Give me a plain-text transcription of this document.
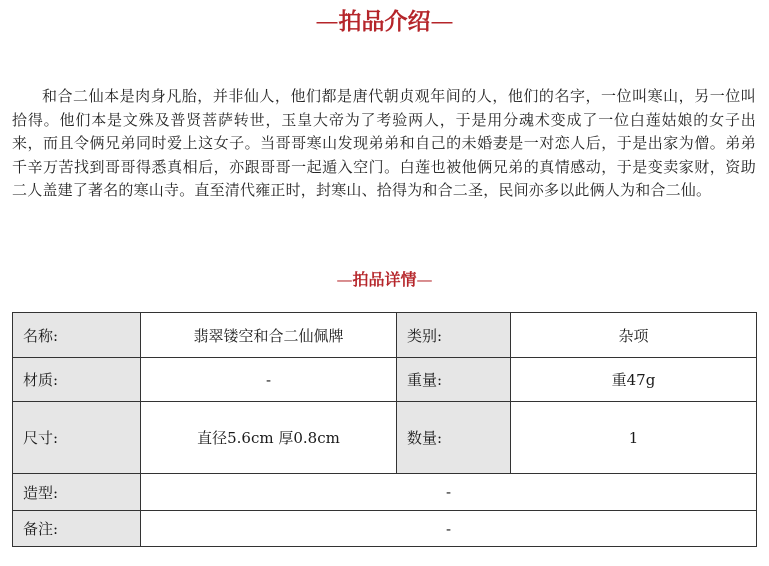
—拍品介绍—

和合二仙本是肉身凡胎，并非仙人，他们都是唐代朝贞观年间的人，他们的名字，一位叫寒山，另一位叫拾得。他们本是文殊及普贤菩萨转世，玉皇大帝为了考验两人，于是用分魂术变成了一位白莲姑娘的女子出来，而且令俩兄弟同时爱上这女子。当哥哥寒山发现弟弟和自己的未婚妻是一对恋人后，于是出家为僧。弟弟千辛万苦找到哥哥得悉真相后，亦跟哥哥一起遁入空门。白莲也被他俩兄弟的真情感动，于是变卖家财，资助二人盖建了著名的寒山寺。直至清代雍正时，封寒山、拾得为和合二圣，民间亦多以此俩人为和合二仙。

—拍品详情—
名称:	翡翠镂空和合二仙佩牌	类别:	杂项
材质:	-	重量:	重47g
尺寸:	直径5.6cm 厚0.8cm	数量:	1
造型:	-		
备注:	-		
